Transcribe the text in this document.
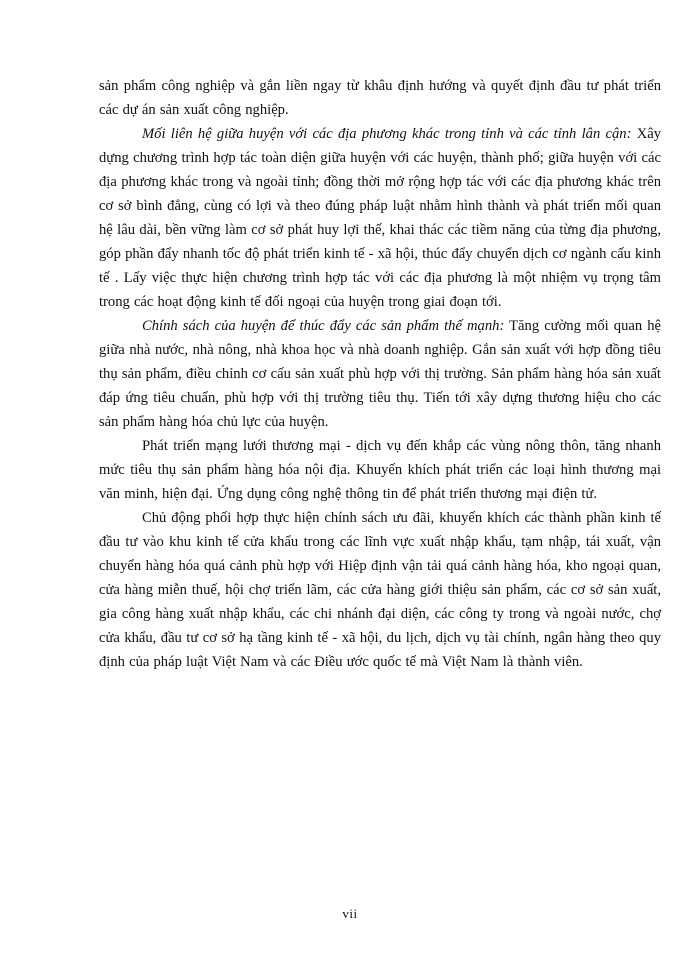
sản phẩm công nghiệp và gắn liền ngay từ khâu định hướng và quyết định đầu tư phát triển các dự án sản xuất công nghiệp.

Mối liên hệ giữa huyện với các địa phương khác trong tỉnh và các tỉnh lân cận: Xây dựng chương trình hợp tác toàn diện giữa huyện với các huyện, thành phố; giữa huyện với các địa phương khác trong và ngoài tỉnh; đồng thời mở rộng hợp tác với các địa phương khác trên cơ sở bình đẳng, cùng có lợi và theo đúng pháp luật nhằm hình thành và phát triển mối quan hệ lâu dài, bền vững làm cơ sở phát huy lợi thế, khai thác các tiềm năng của từng địa phương, góp phần đẩy nhanh tốc độ phát triển kinh tế - xã hội, thúc đẩy chuyển dịch cơ ngành cấu kinh tế . Lấy việc thực hiện chương trình hợp tác với các địa phương là một nhiệm vụ trọng tâm trong các hoạt động kinh tế đối ngoại của huyện trong giai đoạn tới.

Chính sách của huyện để thúc đẩy các sản phẩm thế mạnh: Tăng cường mối quan hệ giữa nhà nước, nhà nông, nhà khoa học và nhà doanh nghiệp. Gắn sản xuất với hợp đồng tiêu thụ sản phẩm, điều chỉnh cơ cấu sản xuất phù hợp với thị trường. Sản phẩm hàng hóa sản xuất đáp ứng tiêu chuẩn, phù hợp với thị trường tiêu thụ. Tiến tới xây dựng thương hiệu cho các sản phẩm hàng hóa chủ lực của huyện.

Phát triển mạng lưới thương mại - dịch vụ đến khắp các vùng nông thôn, tăng nhanh mức tiêu thụ sản phẩm hàng hóa nội địa. Khuyến khích phát triển các loại hình thương mại văn minh, hiện đại. Ứng dụng công nghệ thông tin để phát triển thương mại điện tử.

Chủ động phối hợp thực hiện chính sách ưu đãi, khuyến khích các thành phần kinh tế đầu tư vào khu kinh tế cửa khẩu trong các lĩnh vực xuất nhập khẩu, tạm nhập, tái xuất, vận chuyển hàng hóa quá cảnh phù hợp với Hiệp định vận tải quá cảnh hàng hóa, kho ngoại quan, cửa hàng miễn thuế, hội chợ triển lãm, các cửa hàng giới thiệu sản phẩm, các cơ sở sản xuất, gia công hàng xuất nhập khẩu, các chi nhánh đại diện, các công ty trong và ngoài nước, chợ cửa khẩu, đầu tư cơ sở hạ tầng kinh tế - xã hội, du lịch, dịch vụ tài chính, ngân hàng theo quy định của pháp luật Việt Nam và các Điều ước quốc tế mà Việt Nam là thành viên.

vii
